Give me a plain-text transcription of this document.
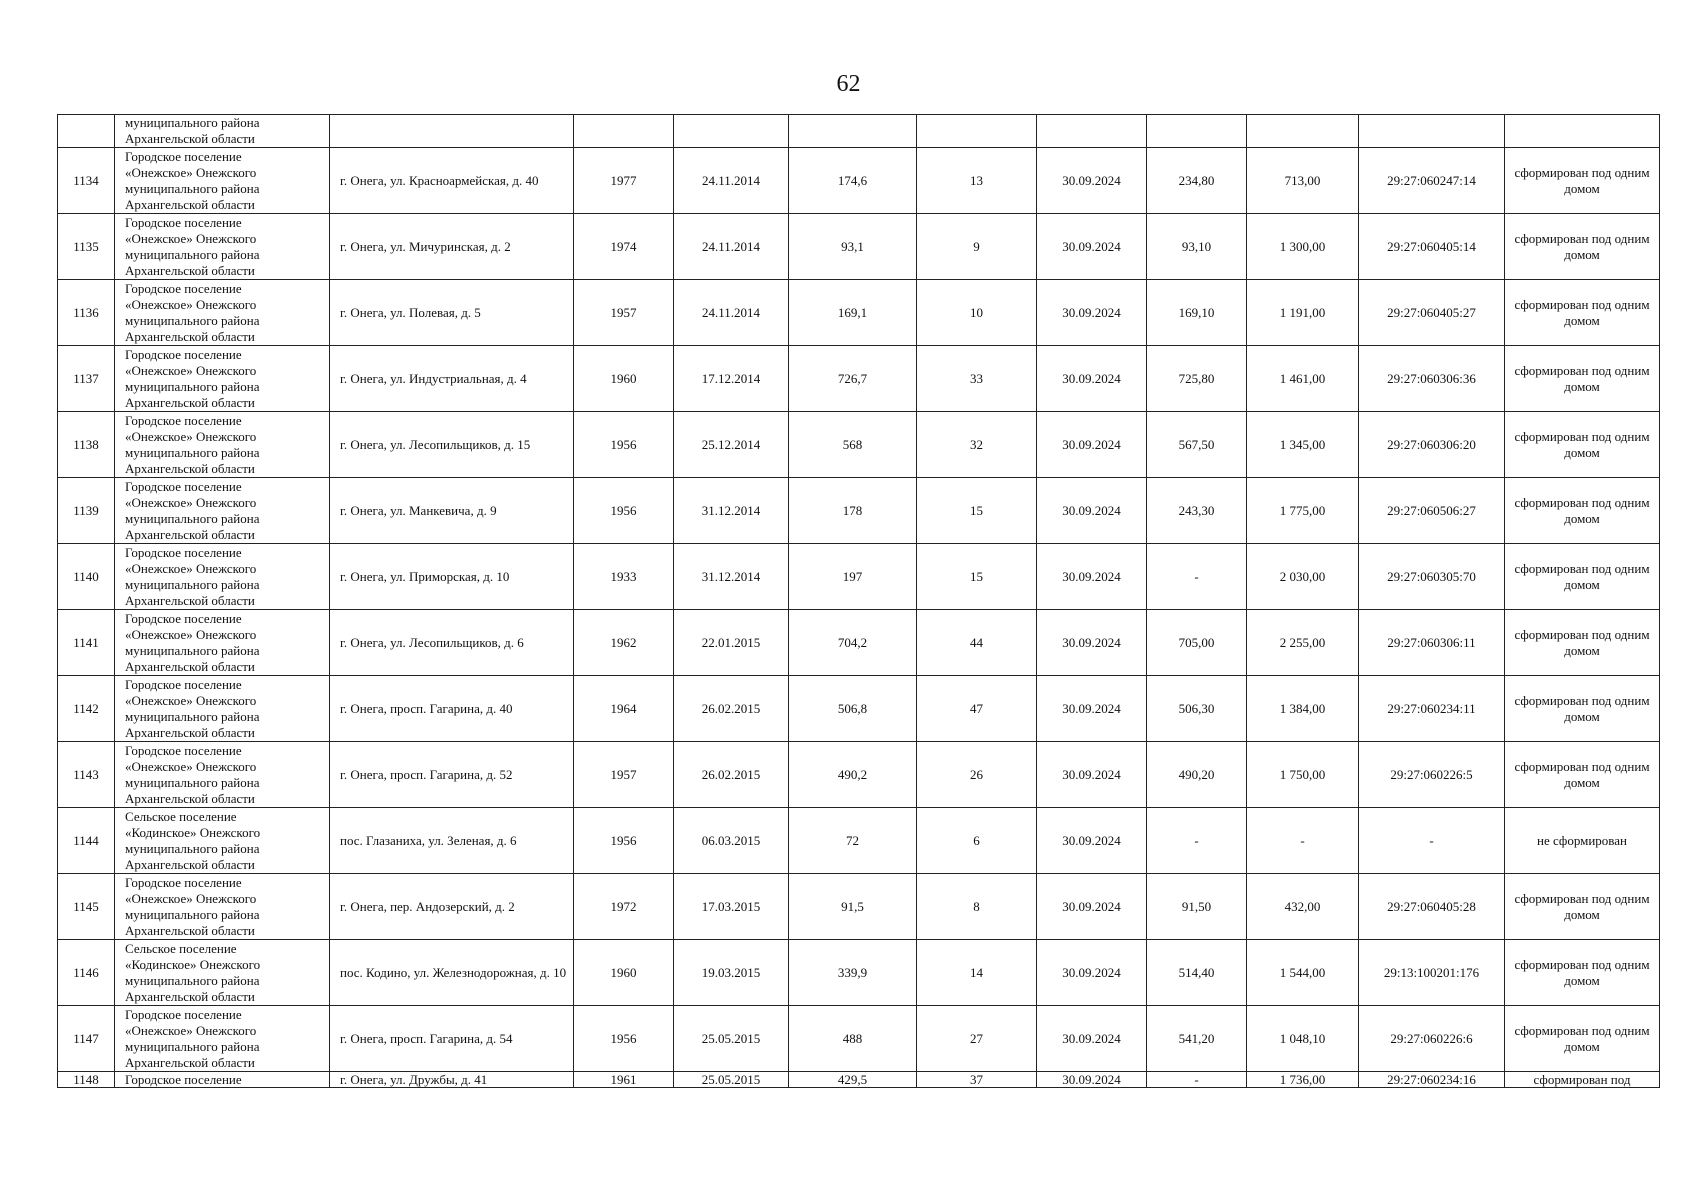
62
	муниципального района
Архангельской области										
1134	Городское поселение
«Онежское» Онежского
муниципального района
Архангельской области	г. Онега, ул. Красноармейская, д. 40	1977	24.11.2014	174,6	13	30.09.2024	234,80	713,00	29:27:060247:14	сформирован под одним домом
1135	Городское поселение
«Онежское» Онежского
муниципального района
Архангельской области	г. Онега, ул. Мичуринская, д. 2	1974	24.11.2014	93,1	9	30.09.2024	93,10	1 300,00	29:27:060405:14	сформирован под одним домом
1136	Городское поселение
«Онежское» Онежского
муниципального района
Архангельской области	г. Онега, ул. Полевая, д. 5	1957	24.11.2014	169,1	10	30.09.2024	169,10	1 191,00	29:27:060405:27	сформирован под одним домом
1137	Городское поселение
«Онежское» Онежского
муниципального района
Архангельской области	г. Онега, ул. Индустриальная, д. 4	1960	17.12.2014	726,7	33	30.09.2024	725,80	1 461,00	29:27:060306:36	сформирован под одним домом
1138	Городское поселение
«Онежское» Онежского
муниципального района
Архангельской области	г. Онега, ул. Лесопильщиков, д. 15	1956	25.12.2014	568	32	30.09.2024	567,50	1 345,00	29:27:060306:20	сформирован под одним домом
1139	Городское поселение
«Онежское» Онежского
муниципального района
Архангельской области	г. Онега, ул. Манкевича, д. 9	1956	31.12.2014	178	15	30.09.2024	243,30	1 775,00	29:27:060506:27	сформирован под одним домом
1140	Городское поселение
«Онежское» Онежского
муниципального района
Архангельской области	г. Онега, ул. Приморская, д. 10	1933	31.12.2014	197	15	30.09.2024	-	2 030,00	29:27:060305:70	сформирован под одним домом
1141	Городское поселение
«Онежское» Онежского
муниципального района
Архангельской области	г. Онега, ул. Лесопильщиков, д. 6	1962	22.01.2015	704,2	44	30.09.2024	705,00	2 255,00	29:27:060306:11	сформирован под одним домом
1142	Городское поселение
«Онежское» Онежского
муниципального района
Архангельской области	г. Онега, просп. Гагарина, д. 40	1964	26.02.2015	506,8	47	30.09.2024	506,30	1 384,00	29:27:060234:11	сформирован под одним домом
1143	Городское поселение
«Онежское» Онежского
муниципального района
Архангельской области	г. Онега, просп. Гагарина, д. 52	1957	26.02.2015	490,2	26	30.09.2024	490,20	1 750,00	29:27:060226:5	сформирован под одним домом
1144	Сельское поселение
«Кодинское» Онежского
муниципального района
Архангельской области	пос. Глазаниха, ул. Зеленая, д. 6	1956	06.03.2015	72	6	30.09.2024	-	-	-	не сформирован
1145	Городское поселение
«Онежское» Онежского
муниципального района
Архангельской области	г. Онега, пер. Андозерский, д. 2	1972	17.03.2015	91,5	8	30.09.2024	91,50	432,00	29:27:060405:28	сформирован под одним домом
1146	Сельское поселение
«Кодинское» Онежского
муниципального района
Архангельской области	пос. Кодино, ул. Железнодорожная, д. 10	1960	19.03.2015	339,9	14	30.09.2024	514,40	1 544,00	29:13:100201:176	сформирован под одним домом
1147	Городское поселение
«Онежское» Онежского
муниципального района
Архангельской области	г. Онега, просп. Гагарина, д. 54	1956	25.05.2015	488	27	30.09.2024	541,20	1 048,10	29:27:060226:6	сформирован под одним домом
1148	Городское поселение	г. Онега, ул. Дружбы, д. 41	1961	25.05.2015	429,5	37	30.09.2024	-	1 736,00	29:27:060234:16	сформирован под
